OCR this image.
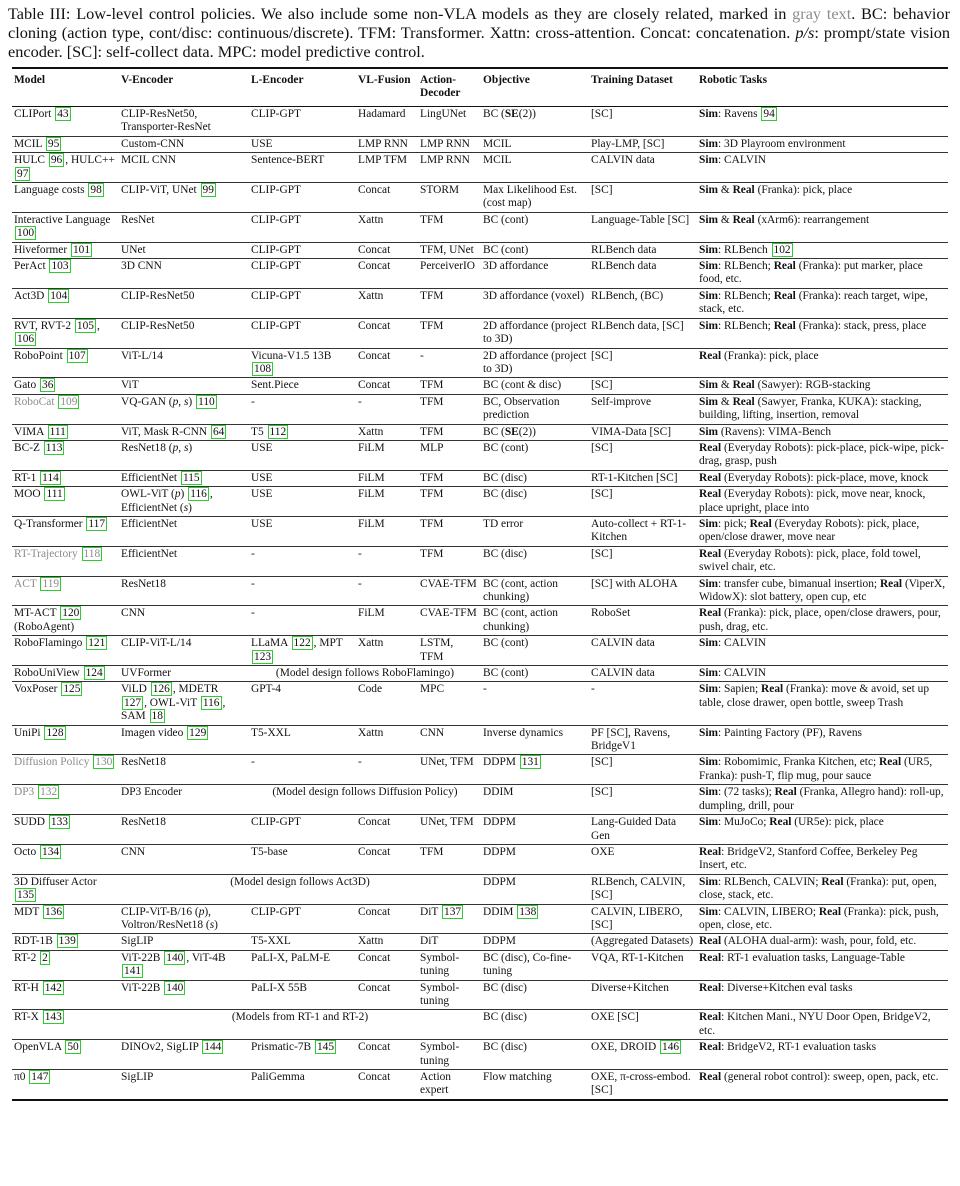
Table III: Low-level control policies. We also include some non-VLA models as they are closely related, marked in gray text. BC: behavior cloning (action type, cont/disc: continuous/discrete). TFM: Transformer. Xattn: cross-attention. Concat: concatenation. p/s: prompt/state vision encoder. [SC]: self-collect data. MPC: model predictive control.
Model	V-Encoder	L-Encoder	VL-Fusion	Action-Decoder	Objective	Training Dataset	Robotic Tasks
CLIPort 43	CLIP-ResNet50, Transporter-ResNet	CLIP-GPT	Hadamard	LingUNet	BC (SE(2))	[SC]	Sim: Ravens 94
MCIL 95	Custom-CNN	USE	LMP RNN	LMP RNN	MCIL	Play-LMP, [SC]	Sim: 3D Playroom environment
HULC 96 , HULC++ 97	MCIL CNN	Sentence-BERT	LMP TFM	LMP RNN	MCIL	CALVIN data	Sim: CALVIN
Language costs 98	CLIP-ViT, UNet 99	CLIP-GPT	Concat	STORM	Max Likelihood Est. (cost map)	[SC]	Sim & Real (Franka): pick, place
Interactive Language 100	ResNet	CLIP-GPT	Xattn	TFM	BC (cont)	Language-Table [SC]	Sim & Real (xArm6): rearrangement
Hiveformer 101	UNet	CLIP-GPT	Concat	TFM, UNet	BC (cont)	RLBench data	Sim: RLBench 102
PerAct 103	3D CNN	CLIP-GPT	Concat	PerceiverIO	3D affordance	RLBench data	Sim: RLBench; Real (Franka): put marker, place food, etc.
Act3D 104	CLIP-ResNet50	CLIP-GPT	Xattn	TFM	3D affordance (voxel)	RLBench, (BC)	Sim: RLBench; Real (Franka): reach target, wipe, stack, etc.
RVT, RVT-2 105 , 106	CLIP-ResNet50	CLIP-GPT	Concat	TFM	2D affordance (project to 3D)	RLBench data, [SC]	Sim: RLBench; Real (Franka): stack, press, place
RoboPoint 107	ViT-L/14	Vicuna-V1.5 13B 108	Concat	-	2D affordance (project to 3D)	[SC]	Real (Franka): pick, place
Gato 36	ViT	Sent.Piece	Concat	TFM	BC (cont & disc)	[SC]	Sim & Real (Sawyer): RGB-stacking
RoboCat 109	VQ-GAN (p, s) 110	-	-	TFM	BC, Observation prediction	Self-improve	Sim & Real (Sawyer, Franka, KUKA): stacking, building, lifting, insertion, removal
VIMA 111	ViT, Mask R-CNN 64	T5 112	Xattn	TFM	BC (SE(2))	VIMA-Data [SC]	Sim (Ravens): VIMA-Bench
BC-Z 113	ResNet18 (p, s)	USE	FiLM	MLP	BC (cont)	[SC]	Real (Everyday Robots): pick-place, pick-wipe, pick-drag, grasp, push
RT-1 114	EfficientNet 115	USE	FiLM	TFM	BC (disc)	RT-1-Kitchen [SC]	Real (Everyday Robots): pick-place, move, knock
MOO 111	OWL-ViT (p) 116 , EfficientNet (s)	USE	FiLM	TFM	BC (disc)	[SC]	Real (Everyday Robots): pick, move near, knock, place upright, place into
Q-Transformer 117	EfficientNet	USE	FiLM	TFM	TD error	Auto-collect + RT-1-Kitchen	Sim: pick; Real (Everyday Robots): pick, place, open/close drawer, move near
RT-Trajectory 118	EfficientNet	-	-	TFM	BC (disc)	[SC]	Real (Everyday Robots): pick, place, fold towel, swivel chair, etc.
ACT 119	ResNet18	-	-	CVAE-TFM	BC (cont, action chunking)	[SC] with ALOHA	Sim: transfer cube, bimanual insertion; Real (ViperX, WidowX): slot battery, open cup, etc
MT-ACT 120 (RoboAgent)	CNN	-	FiLM	CVAE-TFM	BC (cont, action chunking)	RoboSet	Real (Franka): pick, place, open/close drawers, pour, push, drag, etc.
RoboFlamingo 121	CLIP-ViT-L/14	LLaMA 122 , MPT 123	Xattn	LSTM, TFM	BC (cont)	CALVIN data	Sim: CALVIN
RoboUniView 124	UVFormer	(Model design follows RoboFlamingo)			BC (cont)	CALVIN data	Sim: CALVIN
VoxPoser 125	ViLD 126 , MDETR 127 , OWL-ViT 116 , SAM 18	GPT-4	Code	MPC	-	-	Sim: Sapien; Real (Franka): move & avoid, set up table, close drawer, open bottle, sweep Trash
UniPi 128	Imagen video 129	T5-XXL	Xattn	CNN	Inverse dynamics	PF [SC], Ravens, BridgeV1	Sim: Painting Factory (PF), Ravens
Diffusion Policy 130	ResNet18	-	-	UNet, TFM	DDPM 131	[SC]	Sim: Robomimic, Franka Kitchen, etc; Real (UR5, Franka): push-T, flip mug, pour sauce
DP3 132	DP3 Encoder	(Model design follows Diffusion Policy)			DDIM	[SC]	Sim: (72 tasks); Real (Franka, Allegro hand): roll-up, dumpling, drill, pour
SUDD 133	ResNet18	CLIP-GPT	Concat	UNet, TFM	DDPM	Lang-Guided Data Gen	Sim: MuJoCo; Real (UR5e): pick, place
Octo 134	CNN	T5-base	Concat	TFM	DDPM	OXE	Real: BridgeV2, Stanford Coffee, Berkeley Peg Insert, etc.
3D Diffuser Actor 135	(Model design follows Act3D)				DDPM	RLBench, CALVIN, [SC]	Sim: RLBench, CALVIN; Real (Franka): put, open, close, stack, etc.
MDT 136	CLIP-ViT-B/16 (p), Voltron/ResNet18 (s)	CLIP-GPT	Concat	DiT 137	DDIM 138	CALVIN, LIBERO, [SC]	Sim: CALVIN, LIBERO; Real (Franka): pick, push, open, close, etc.
RDT-1B 139	SigLIP	T5-XXL	Xattn	DiT	DDPM	(Aggregated Datasets)	Real (ALOHA dual-arm): wash, pour, fold, etc.
RT-2 2	ViT-22B 140 , ViT-4B 141	PaLI-X, PaLM-E	Concat	Symbol-tuning	BC (disc), Co-fine-tuning	VQA, RT-1-Kitchen	Real: RT-1 evaluation tasks, Language-Table
RT-H 142	ViT-22B 140	PaLI-X 55B	Concat	Symbol-tuning	BC (disc)	Diverse+Kitchen	Real: Diverse+Kitchen eval tasks
RT-X 143	(Models from RT-1 and RT-2)				BC (disc)	OXE [SC]	Real: Kitchen Mani., NYU Door Open, BridgeV2, etc.
OpenVLA 50	DINOv2, SigLIP 144	Prismatic-7B 145	Concat	Symbol-tuning	BC (disc)	OXE, DROID 146	Real: BridgeV2, RT-1 evaluation tasks
π0 147	SigLIP	PaliGemma	Concat	Action expert	Flow matching	OXE, π-cross-embod. [SC]	Real (general robot control): sweep, open, pack, etc.
